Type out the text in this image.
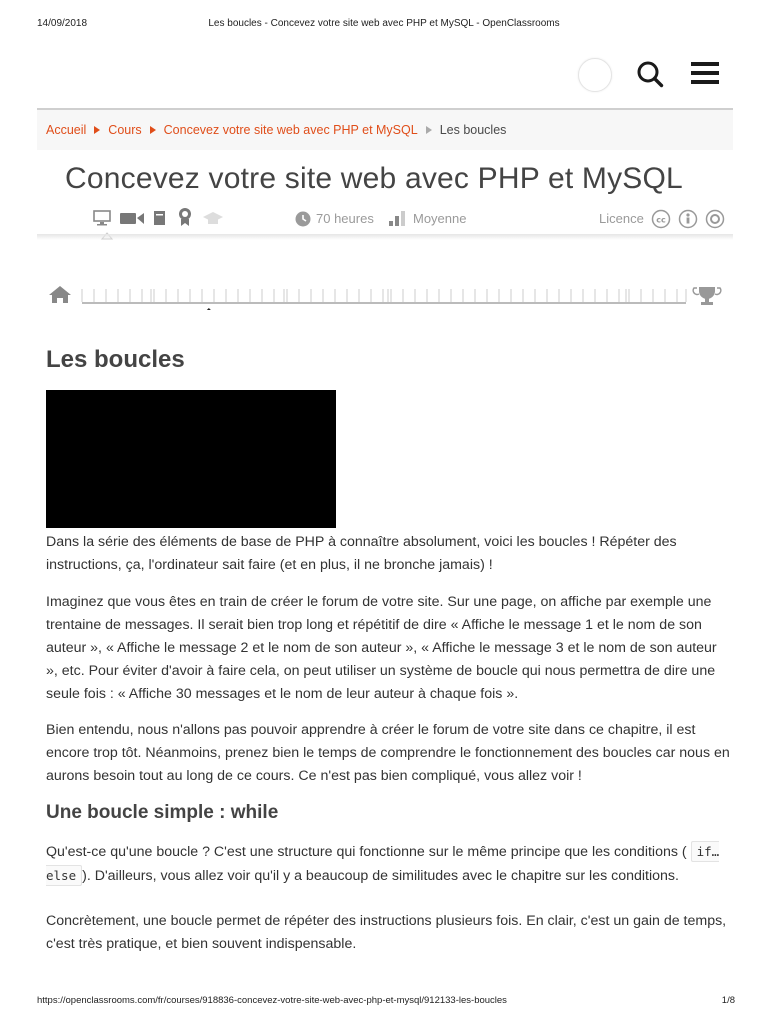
14/09/2018	Les boucles - Concevez votre site web avec PHP et MySQL - OpenClassrooms
Accueil Cours Concevez votre site web avec PHP et MySQL Les boucles
Concevez votre site web avec PHP et MySQL
70 heures	Moyenne	Licence cc
Les boucles

Dans la série des éléments de base de PHP à connaître absolument, voici les boucles ! Répéter des instructions, ça, l'ordinateur sait faire (et en plus, il ne bronche jamais) !

Imaginez que vous êtes en train de créer le forum de votre site. Sur une page, on affiche par exemple une trentaine de messages. Il serait bien trop long et répétitif de dire « Affiche le message 1 et le nom de son auteur », « Affiche le message 2 et le nom de son auteur », « Affiche le message 3 et le nom de son auteur », etc. Pour éviter d'avoir à faire cela, on peut utiliser un système de boucle qui nous permettra de dire une seule fois : « Affiche 30 messages et le nom de leur auteur à chaque fois ».

Bien entendu, nous n'allons pas pouvoir apprendre à créer le forum de votre site dans ce chapitre, il est encore trop tôt. Néanmoins, prenez bien le temps de comprendre le fonctionnement des boucles car nous en aurons besoin tout au long de ce cours. Ce n'est pas bien compliqué, vous allez voir !

Une boucle simple : while

Qu'est-ce qu'une boucle ? C'est une structure qui fonctionne sur le même principe que les conditions ( if… else ). D'ailleurs, vous allez voir qu'il y a beaucoup de similitudes avec le chapitre sur les conditions.

Concrètement, une boucle permet de répéter des instructions plusieurs fois. En clair, c'est un gain de temps, c'est très pratique, et bien souvent indispensable.

https://openclassrooms.com/fr/courses/918836-concevez-votre-site-web-avec-php-et-mysql/912133-les-boucles	1/8
